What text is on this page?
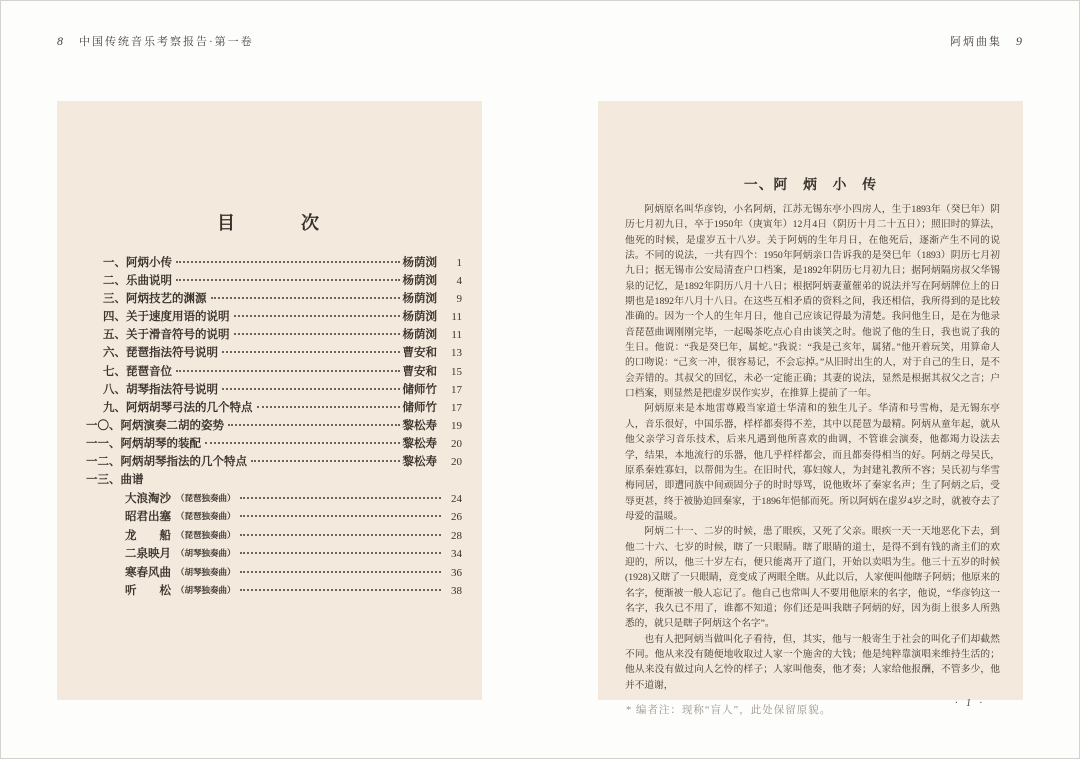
8 中国传统音乐考察报告·第一卷	阿炳曲集 9
目　　　次
一、阿炳小传	杨荫浏	1
二、乐曲说明	杨荫浏	4
三、阿炳技艺的渊源	杨荫浏	9
四、关于速度用语的说明	杨荫浏	11
五、关于滑音符号的说明	杨荫浏	11
六、琵琶指法符号说明	曹安和	13
七、琵琶音位	曹安和	15
八、胡琴指法符号说明	储师竹	17
九、阿炳胡琴弓法的几个特点	储师竹	17
一〇、阿炳演奏二胡的姿势	黎松寿	19
一一、阿炳胡琴的装配	黎松寿	20
一二、阿炳胡琴指法的几个特点	黎松寿	20
一三、曲谱
大浪淘沙 （琵琶独奏曲）	24
昭君出塞 （琵琶独奏曲）	26
龙　　船 （琵琶独奏曲）	28
二泉映月 （胡琴独奏曲）	34
寒春风曲 （胡琴独奏曲）	36
听　　松 （胡琴独奏曲）	38
一、阿　炳　小　传

阿炳原名叫华彦钧，小名阿炳，江苏无锡东亭小四房人，生于1893年（癸巳年）阴历七月初九日，卒于1950年（庚寅年）12月4日（阴历十月二十五日）；照旧时的算法，他死的时候，是虚岁五十八岁。关于阿炳的生年月日，在他死后，逐渐产生不同的说法。不同的说法，一共有四个：1950年阿炳亲口告诉我的是癸巳年（1893）阴历七月初九日；据无锡市公安局清查户口档案，是1892年阴历七月初九日；据阿炳隔房叔父华锡泉的记忆，是1892年阴历八月十八日；根据阿炳妻董催弟的说法并写在阿炳牌位上的日期也是1892年八月十八日。在这些互相矛盾的资料之间，我还相信，我所得到的是比较准确的。因为一个人的生年月日，他自己应该记得最为清楚。我问他生日，是在为他录音琵琶曲调刚刚完毕，一起喝茶吃点心自由谈笑之时。他说了他的生日，我也说了我的生日。他说：“我是癸巳年，属蛇。”我说：“我是己亥年，属猪。”他开着玩笑，用算命人的口吻说：“己亥一冲，很容易记，不会忘掉。”从旧时出生的人，对于自己的生日，是不会弄错的。其叔父的回忆，未必一定能正确；其妻的说法，显然是根据其叔父之言；户口档案，则显然是把虚岁误作实岁，在推算上提前了一年。

阿炳原来是本地雷尊殿当家道士华清和的独生儿子。华清和号雪梅，是无锡东亭人，音乐很好，中国乐器，样样都奏得不差，其中以琵琶为最精。阿炳从童年起，就从他父亲学习音乐技术，后来凡遇到他所喜欢的曲调，不管谁会演奏，他都竭力设法去学，结果，本地流行的乐器，他几乎样样都会，而且都奏得相当的好。阿炳之母吴氏，原系秦姓寡妇，以帮佣为生。在旧时代，寡妇嫁人，为封建礼教所不容；吴氏初与华雪梅同居，即遭同族中间顽固分子的时时辱骂，说他败坏了秦家名声；生了阿炳之后，受辱更甚，终于被胁迫回秦家，于1896年悒郁而死。所以阿炳在虚岁4岁之时，就被夺去了母爱的温暖。

阿炳二十一、二岁的时候，患了眼疾，又死了父亲。眼疾一天一天地恶化下去，到他二十六、七岁的时候，瞎了一只眼睛。瞎了眼睛的道士，是得不到有钱的斋主们的欢迎的，所以，他三十岁左右，便只能离开了道门，开始以卖唱为生。他三十五岁的时候(1928)又瞎了一只眼睛，竟变成了两眼全瞎。从此以后，人家便叫他瞎子阿炳；他原来的名字，便渐被一般人忘记了。他自己也常叫人不要用他原来的名字，他说，“华彦钧这一名字，我久已不用了，谁都不知道；你们还是叫我瞎子阿炳的好，因为街上很多人所熟悉的，就只是瞎子阿炳这个名字”。

也有人把阿炳当做叫化子看待，但，其实，他与一般寄生于社会的叫化子们却截然不同。他从来没有随便地收取过人家一个施舍的大钱；他是纯粹靠演唱来维持生活的；他从来没有做过向人乞怜的样子；人家叫他奏，他才奏；人家给他报酬，不管多少，他并不道谢，

· 1 ·
* 编者注：现称“盲人”，此处保留原貌。
